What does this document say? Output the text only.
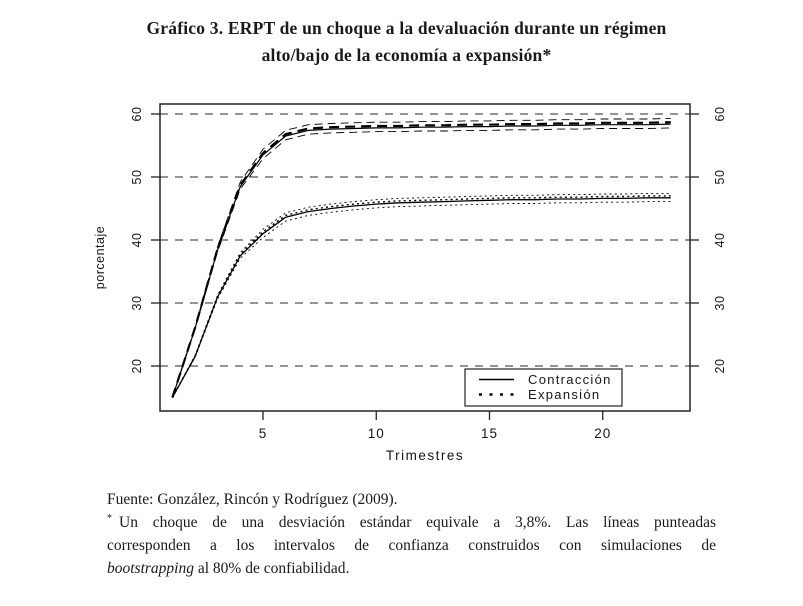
Gráfico 3. ERPT de un choque a la devaluación durante un régimen
alto/bajo de la economía a expansión*
20	20
30	30
40	40
50	50
60	60
5	10	15	20
Trimestres
porcentaje
Contracción
Expansión
Fuente: González, Rincón y Rodríguez (2009).
* Un choque de una desviación estándar equivale a 3,8%. Las líneas punteadas
corresponden a los intervalos de confianza construidos con simulaciones de
bootstrapping al 80% de confiabilidad.
